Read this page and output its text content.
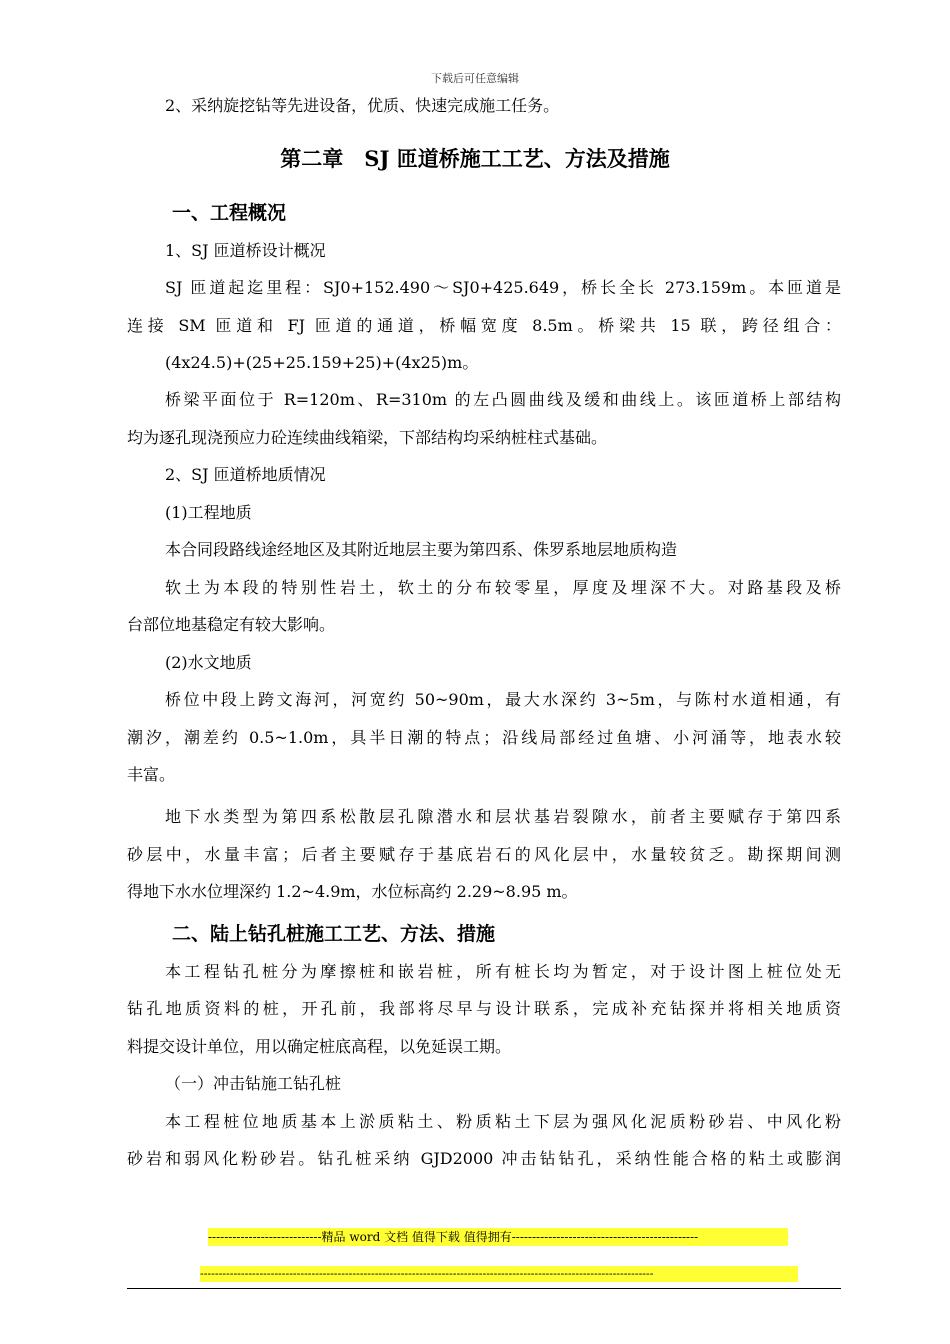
下载后可任意编辑
2、采纳旋挖钻等先进设备，优质、快速完成施工任务。
第二章　SJ 匝道桥施工工艺、方法及措施
一、工程概况
1、SJ 匝道桥设计概况
SJ 匝道起迄里程：SJ0+152.490～SJ0+425.649，桥长全长 273.159m。本匝道是
连接 SM 匝道和 FJ 匝道的通道，桥幅宽度 8.5m。桥梁共 15 联，跨径组合：
(4x24.5)+(25+25.159+25)+(4x25)m。
桥梁平面位于 R=120m、R=310m 的左凸圆曲线及缓和曲线上。该匝道桥上部结构
均为逐孔现浇预应力砼连续曲线箱梁，下部结构均采纳桩柱式基础。
2、SJ 匝道桥地质情况
(1)工程地质
本合同段路线途经地区及其附近地层主要为第四系、侏罗系地层地质构造
软土为本段的特别性岩土，软土的分布较零星，厚度及埋深不大。对路基段及桥
台部位地基稳定有较大影响。
(2)水文地质
桥位中段上跨文海河，河宽约 50~90m，最大水深约 3~5m，与陈村水道相通，有
潮汐，潮差约 0.5~1.0m，具半日潮的特点；沿线局部经过鱼塘、小河涌等，地表水较
丰富。
地下水类型为第四系松散层孔隙潜水和层状基岩裂隙水，前者主要赋存于第四系
砂层中，水量丰富；后者主要赋存于基底岩石的风化层中，水量较贫乏。勘探期间测
得地下水水位埋深约 1.2~4.9m，水位标高约 2.29~8.95 m。
二、陆上钻孔桩施工工艺、方法、措施
本工程钻孔桩分为摩擦桩和嵌岩桩，所有桩长均为暂定，对于设计图上桩位处无
钻孔地质资料的桩，开孔前，我部将尽早与设计联系，完成补充钻探并将相关地质资
料提交设计单位，用以确定桩底高程，以免延误工期。
（一）冲击钻施工钻孔桩
本工程桩位地质基本上淤质粘土、粉质粘土下层为强风化泥质粉砂岩、中风化粉
砂岩和弱风化粉砂岩。钻孔桩采纳 GJD2000 冲击钻钻孔，采纳性能合格的粘土或膨润
----------------------------精品 word 文档 值得下载 值得拥有----------------------------------------------
--------------------------------------------------------------------------------------------------------------------------
